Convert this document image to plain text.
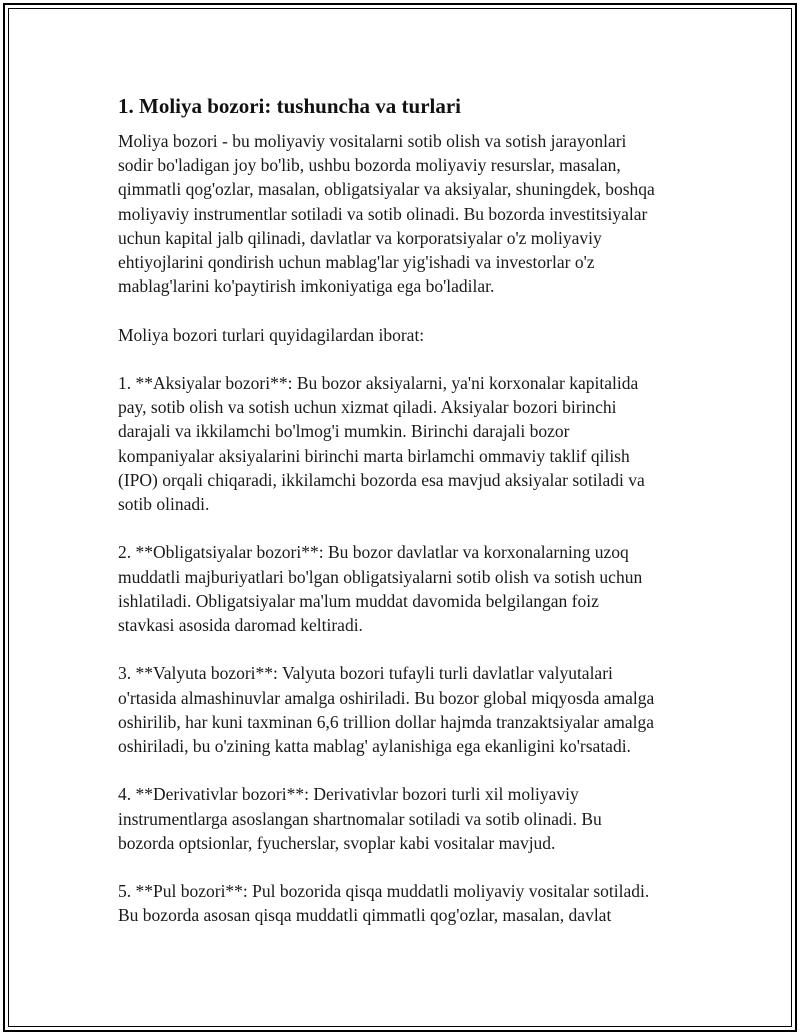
1. Moliya bozori: tushuncha va turlari

Moliya bozori - bu moliyaviy vositalarni sotib olish va sotish jarayonlari
sodir bo'ladigan joy bo'lib, ushbu bozorda moliyaviy resurslar, masalan,
qimmatli qog'ozlar, masalan, obligatsiyalar va aksiyalar, shuningdek, boshqa
moliyaviy instrumentlar sotiladi va sotib olinadi. Bu bozorda investitsiyalar
uchun kapital jalb qilinadi, davlatlar va korporatsiyalar o'z moliyaviy
ehtiyojlarini qondirish uchun mablag'lar yig'ishadi va investorlar o'z
mablag'larini ko'paytirish imkoniyatiga ega bo'ladilar.

Moliya bozori turlari quyidagilardan iborat:

1. **Aksiyalar bozori**: Bu bozor aksiyalarni, ya'ni korxonalar kapitalida
pay, sotib olish va sotish uchun xizmat qiladi. Aksiyalar bozori birinchi
darajali va ikkilamchi bo'lmog'i mumkin. Birinchi darajali bozor
kompaniyalar aksiyalarini birinchi marta birlamchi ommaviy taklif qilish
(IPO) orqali chiqaradi, ikkilamchi bozorda esa mavjud aksiyalar sotiladi va
sotib olinadi.

2. **Obligatsiyalar bozori**: Bu bozor davlatlar va korxonalarning uzoq
muddatli majburiyatlari bo'lgan obligatsiyalarni sotib olish va sotish uchun
ishlatiladi. Obligatsiyalar ma'lum muddat davomida belgilangan foiz
stavkasi asosida daromad keltiradi.

3. **Valyuta bozori**: Valyuta bozori tufayli turli davlatlar valyutalari
o'rtasida almashinuvlar amalga oshiriladi. Bu bozor global miqyosda amalga
oshirilib, har kuni taxminan 6,6 trillion dollar hajmda tranzaktsiyalar amalga
oshiriladi, bu o'zining katta mablag' aylanishiga ega ekanligini ko'rsatadi.

4. **Derivativlar bozori**: Derivativlar bozori turli xil moliyaviy
instrumentlarga asoslangan shartnomalar sotiladi va sotib olinadi. Bu
bozorda optsionlar, fyucherslar, svoplar kabi vositalar mavjud.

5. **Pul bozori**: Pul bozorida qisqa muddatli moliyaviy vositalar sotiladi.
Bu bozorda asosan qisqa muddatli qimmatli qog'ozlar, masalan, davlat
